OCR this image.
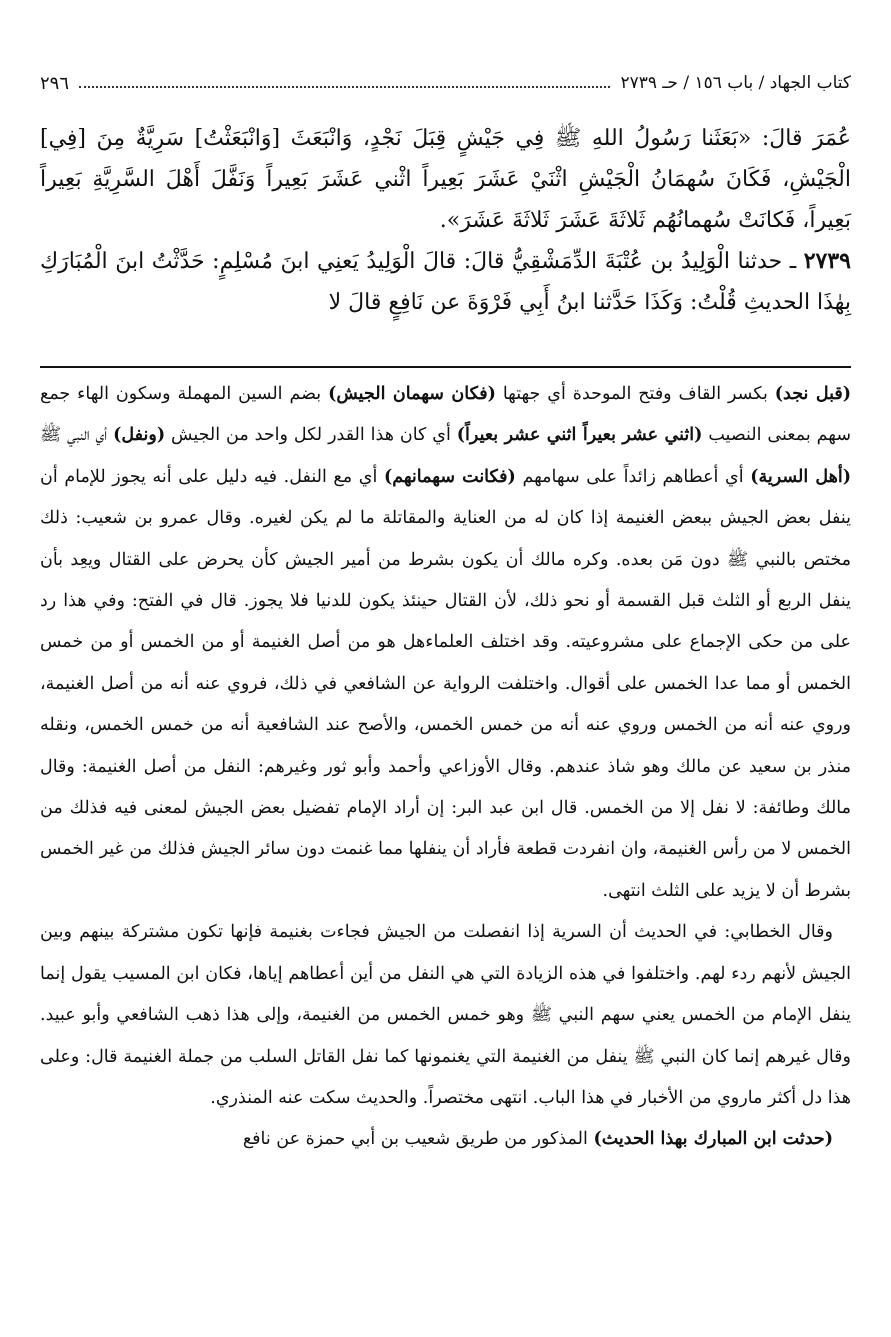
كتاب الجهاد / باب ١٥٦ / حـ ٢٧٣٩
٢٩٦

عُمَرَ قالَ: «بَعَثَنا رَسُولُ اللهِ ﷺ فِي جَيْشٍ قِبَلَ نَجْدٍ، وَانْبَعَثَ [وَانْبَعَثْتُ] سَرِيَّةٌ مِنَ [فِي] الْجَيْشِ، فَكَانَ سُهمَانُ الْجَيْشِ اثْنَيْ عَشَرَ بَعِيراً اثْني عَشَرَ بَعِيراً وَنَفَّلَ أَهْلَ السَّرِيَّةِ بَعِيراً بَعِيراً، فَكانَتْ سُهمانُهُم ثَلاثَةَ عَشَرَ ثَلاثَةَ عَشَرَ».

٢٧٣٩ ـ حدثنا الْوَلِيدُ بن عُتْبَةَ الدِّمَشْقِيُّ قالَ: قالَ الْوَلِيدُ يَعنِي ابنَ مُسْلِمٍ: حَدَّثْتُ ابنَ الْمُبَارَكِ بِهٰذَا الحديثِ قُلْتُ: وَكَذَا حَدَّثنا ابنُ أَبِي فَرْوَةَ عن نَافِعٍ قالَ لا

(قبل نجد) بكسر القاف وفتح الموحدة أي جهتها (فكان سهمان الجيش) بضم السين المهملة وسكون الهاء جمع سهم بمعنى النصيب (اثني عشر بعيراً اثني عشر بعيراً) أي كان هذا القدر لكل واحد من الجيش (ونفل) أي النبي ﷺ (أهل السرية) أي أعطاهم زائداً على سهامهم (فكانت سهمانهم) أي مع النفل. فيه دليل على أنه يجوز للإمام أن ينفل بعض الجيش ببعض الغنيمة إذا كان له من العناية والمقاتلة ما لم يكن لغيره. وقال عمرو بن شعيب: ذلك مختص بالنبي ﷺ دون مَن بعده. وكره مالك أن يكون بشرط من أمير الجيش كأن يحرض على القتال ويعِد بأن ينفل الربع أو الثلث قبل القسمة أو نحو ذلك، لأن القتال حينئذ يكون للدنيا فلا يجوز. قال في الفتح: وفي هذا رد على من حكى الإجماع على مشروعيته. وقد اختلف العلماءهل هو من أصل الغنيمة أو من الخمس أو من خمس الخمس أو مما عدا الخمس على أقوال. واختلفت الرواية عن الشافعي في ذلك، فروي عنه أنه من أصل الغنيمة، وروي عنه أنه من الخمس وروي عنه أنه من خمس الخمس، والأصح عند الشافعية أنه من خمس الخمس، ونقله منذر بن سعيد عن مالك وهو شاذ عندهم. وقال الأوزاعي وأحمد وأبو ثور وغيرهم: النفل من أصل الغنيمة: وقال مالك وطائفة: لا نفل إلا من الخمس. قال ابن عبد البر: إن أراد الإمام تفضيل بعض الجيش لمعنى فيه فذلك من الخمس لا من رأس الغنيمة، وان انفردت قطعة فأراد أن ينفلها مما غنمت دون سائر الجيش فذلك من غير الخمس بشرط أن لا يزيد على الثلث انتهى.

وقال الخطابي: في الحديث أن السرية إذا انفصلت من الجيش فجاءت بغنيمة فإنها تكون مشتركة بينهم وبين الجيش لأنهم ردء لهم. واختلفوا في هذه الزيادة التي هي النفل من أين أعطاهم إياها، فكان ابن المسيب يقول إنما ينفل الإمام من الخمس يعني سهم النبي ﷺ وهو خمس الخمس من الغنيمة، وإلى هذا ذهب الشافعي وأبو عبيد. وقال غيرهم إنما كان النبي ﷺ ينفل من الغنيمة التي يغنمونها كما نفل القاتل السلب من جملة الغنيمة قال: وعلى هذا دل أكثر ماروي من الأخبار في هذا الباب. انتهى مختصراً. والحديث سكت عنه المنذري.

(حدثت ابن المبارك بهذا الحديث) المذكور من طريق شعيب بن أبي حمزة عن نافع
